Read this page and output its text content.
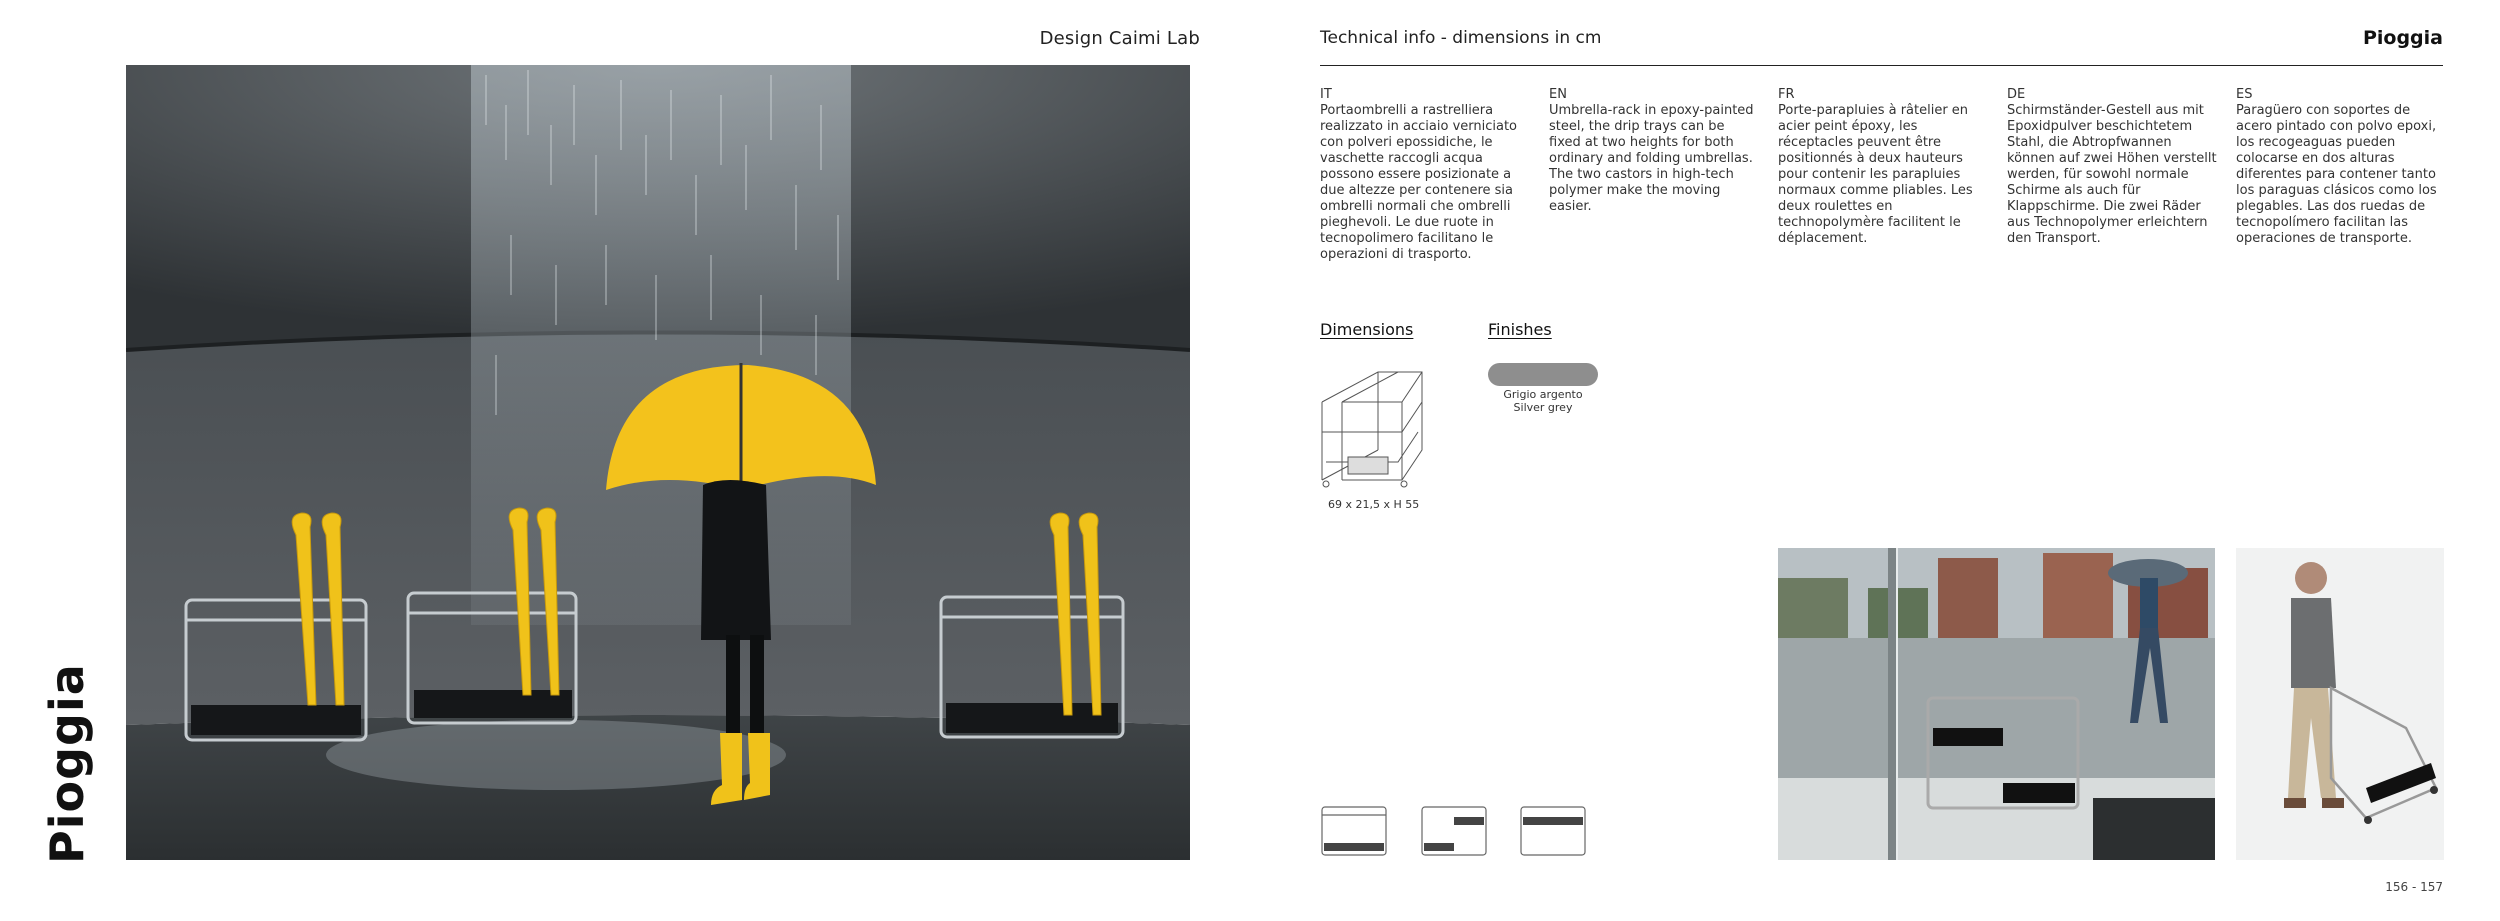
Design Caimi Lab
Pioggia
Technical info - dimensions in cm	Pioggia
IT
Portaombrelli a rastrelliera realizzato in acciaio verniciato con polveri epossidiche, le vaschette raccogli acqua possono essere posizionate a due altezze per contenere sia ombrelli normali che ombrelli pieghevoli. Le due ruote in tecnopolimero facilitano le operazioni di trasporto.
EN
Umbrella-rack in epoxy-painted steel, the drip trays can be fixed at two heights for both ordinary and folding umbrellas. The two castors in high-tech polymer make the moving easier.
FR
Porte-parapluies à râtelier en acier peint époxy, les réceptacles peuvent être positionnés à deux hauteurs pour contenir les parapluies normaux comme pliables. Les deux roulettes en technopolymère facilitent le déplacement.
DE
Schirmständer-Gestell aus mit Epoxidpulver beschichtetem Stahl, die Abtropfwannen können auf zwei Höhen verstellt werden, für sowohl normale Schirme als auch für Klappschirme. Die zwei Räder aus Technopolymer erleichtern den Transport.
ES
Paragüero con soportes de acero pintado con polvo epoxi, los recogeaguas pueden colocarse en dos alturas diferentes para contener tanto los paraguas clásicos como los plegables. Las dos ruedas de tecnopolímero facilitan las operaciones de transporte.
Dimensions
69 x 21,5 x H 55
Finishes
Grigio argento
Silver grey
156 - 157
